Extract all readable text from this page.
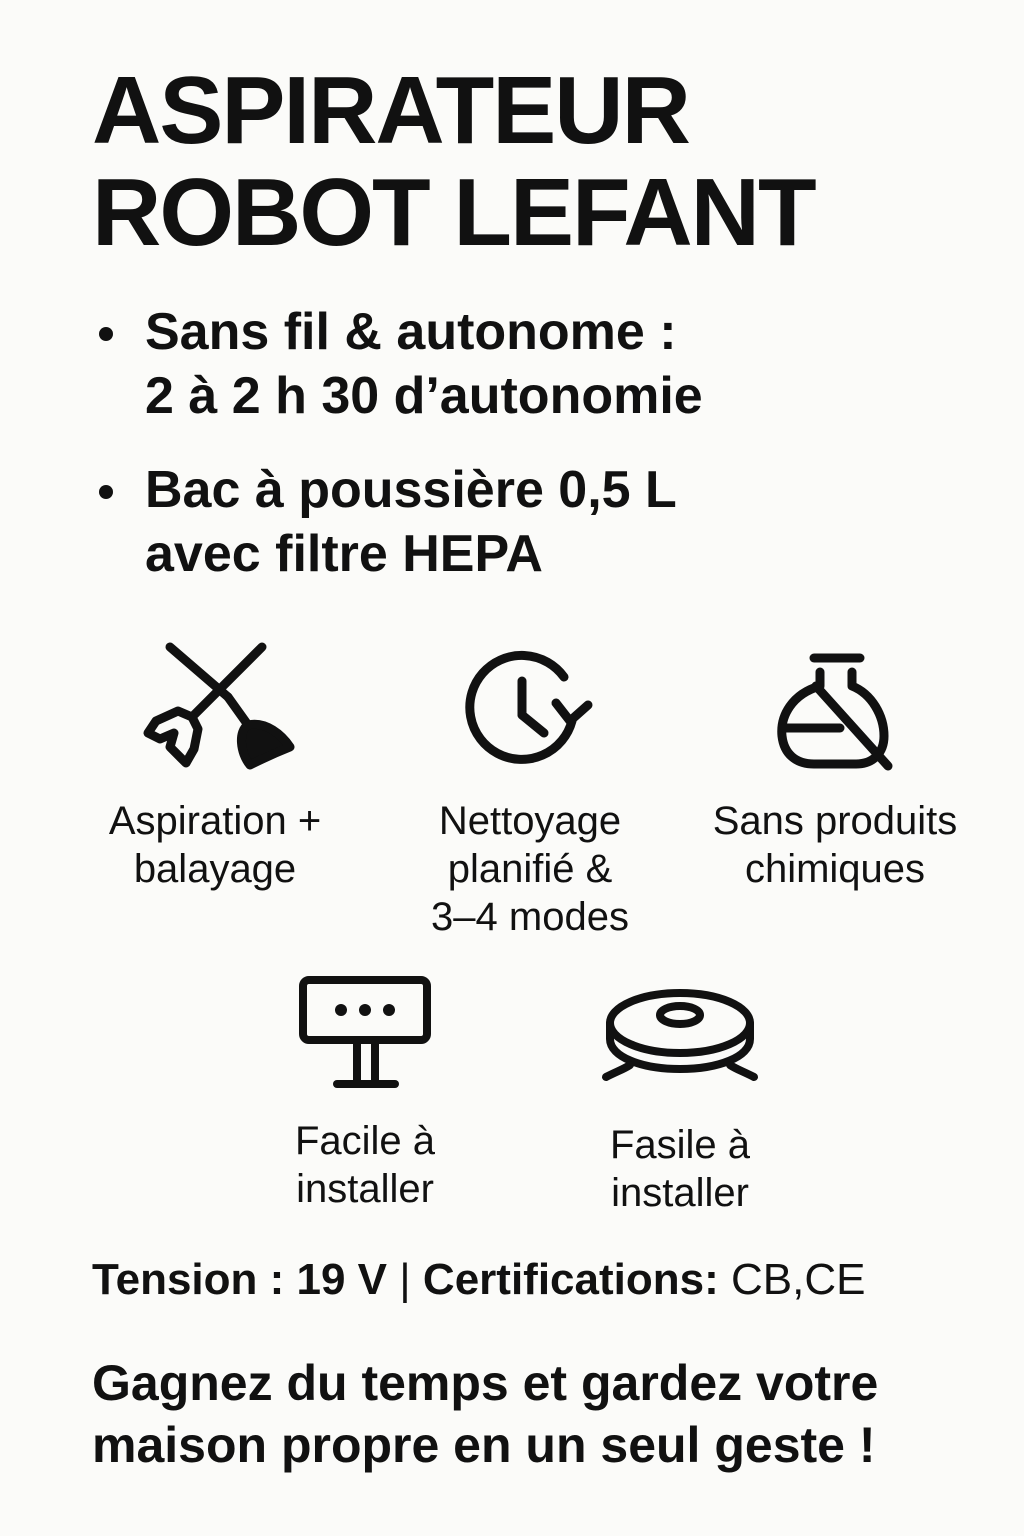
ASPIRATEUR
ROBOT LEFANT
Sans fil & autonome :
2 à 2 h 30 d’autonomie
Bac à poussière 0,5 L
avec filtre HEPA
Aspiration +
balayage
Nettoyage
planifié &
3–4 modes
Sans produits
chimiques
Facile à
installer
Fasile à
installer
Tension : 19 V | Certifications: CB,CE
Gagnez du temps et gardez votre
maison propre en un seul geste !
